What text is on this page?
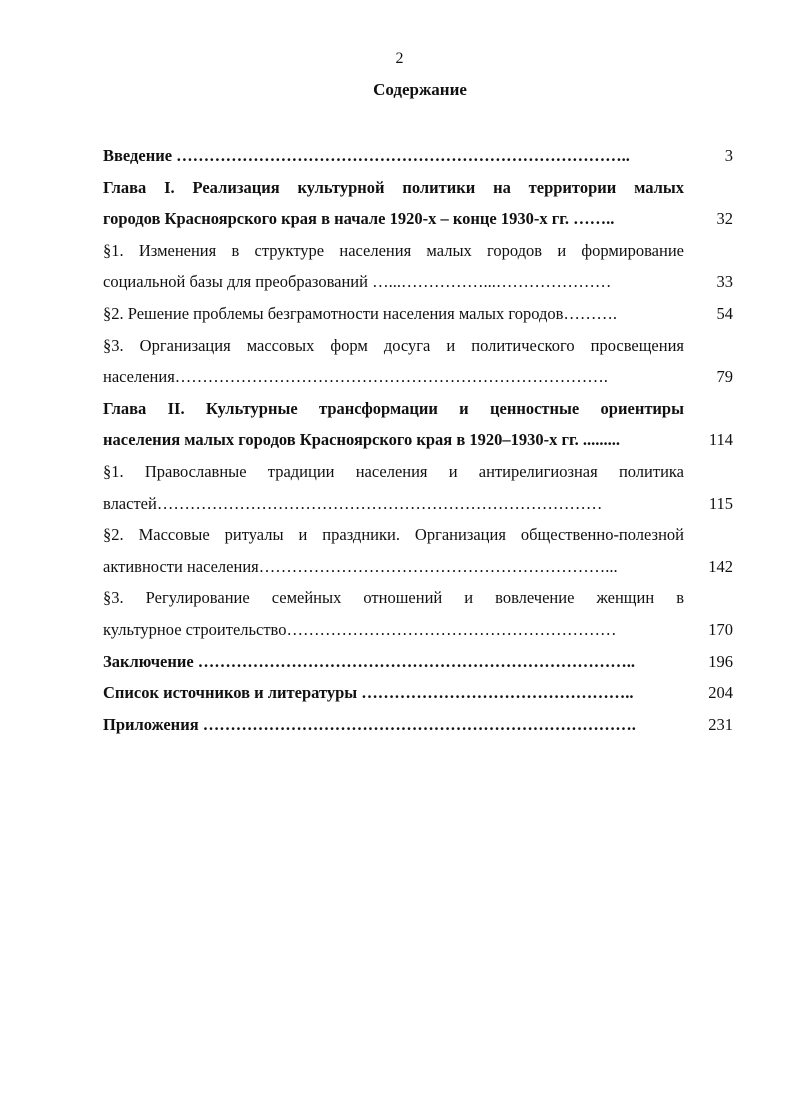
2
Содержание
Введение ………………………………………………………………………..	3
Глава I. Реализация культурной политики на территории малых
городов Красноярского края в начале 1920-х – конце 1930-х гг. ……..	32
§1. Изменения в структуре населения малых городов и формирование
социальной базы для преобразований …...……………...…………………	33
§2. Решение проблемы безграмотности населения малых городов……….	54
§3. Организация массовых форм досуга и политического просвещения
населения…………………………………………………………………….	79
Глава II. Культурные трансформации и ценностные ориентиры
населения малых городов Красноярского края в 1920–1930-х гг. .........	114
§1. Православные традиции населения и антирелигиозная политика
властей………………………………………………………………………	115
§2. Массовые ритуалы и праздники. Организация общественно-полезной
активности населения………………………………………………………...	142
§3. Регулирование семейных отношений и вовлечение женщин в
культурное строительство……………………………………………………	170
Заключение ……………………………………………………………………..	196
Список источников и литературы …………………………………………..	204
Приложения …………………………………………………………………….	231
